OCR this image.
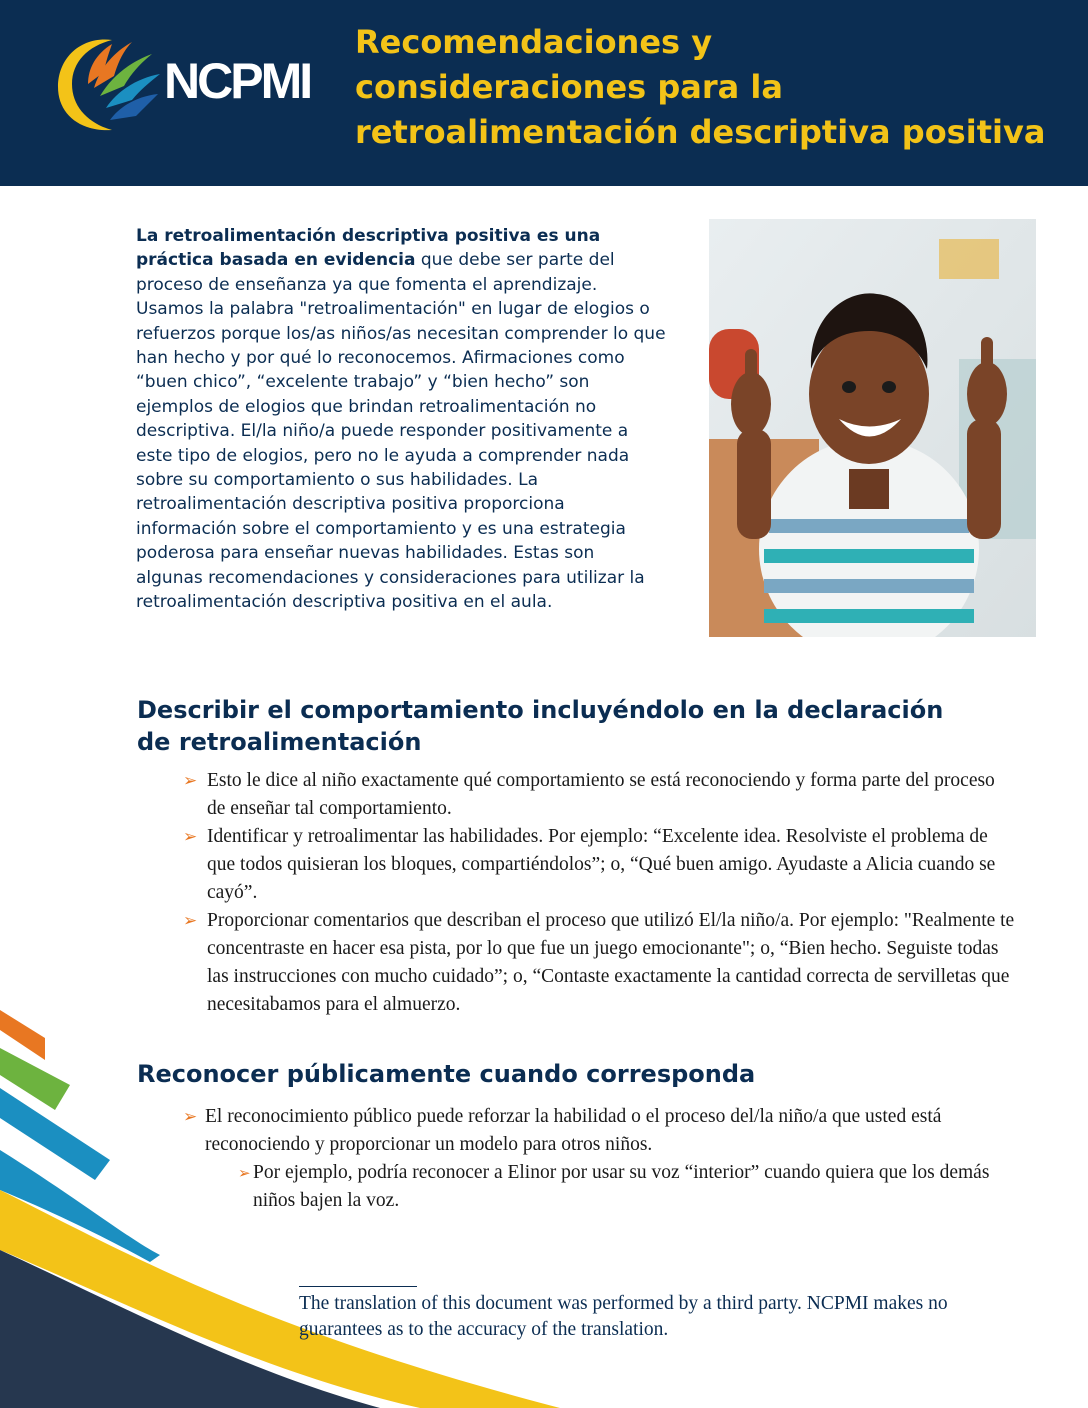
NCPMI
Recomendaciones y
consideraciones para la
retroalimentación descriptiva positiva
La retroalimentación descriptiva positiva es una práctica basada en evidencia que debe ser parte del proceso de enseñanza ya que fomenta el aprendizaje. Usamos la palabra "retroalimentación" en lugar de elogios o refuerzos porque los/as niños/as necesitan comprender lo que han hecho y por qué lo reconocemos. Afirmaciones como “buen chico”, “excelente trabajo” y “bien hecho” son ejemplos de elogios que brindan retroalimentación no descriptiva. El/la niño/a puede responder positivamente a este tipo de elogios, pero no le ayuda a comprender nada sobre su comportamiento o sus habilidades. La retroalimentación descriptiva positiva proporciona información sobre el comportamiento y es una estrategia poderosa para enseñar nuevas habilidades. Estas son algunas recomendaciones y consideraciones para utilizar la retroalimentación descriptiva positiva en el aula.
Describir el comportamiento incluyéndolo en la declaración
de retroalimentación
➢ Esto le dice al niño exactamente qué comportamiento se está reconociendo y forma parte del proceso de enseñar tal comportamiento.
➢ Identificar y retroalimentar las habilidades. Por ejemplo: “Excelente idea. Resolviste el problema de que todos quisieran los bloques, compartiéndolos”; o, “Qué buen amigo. Ayudaste a Alicia cuando se cayó”.
➢ Proporcionar comentarios que describan el proceso que utilizó El/la niño/a. Por ejemplo: "Realmente te concentraste en hacer esa pista, por lo que fue un juego emocionante"; o, “Bien hecho. Seguiste todas las instrucciones con mucho cuidado”; o, “Contaste exactamente la cantidad correcta de servilletas que necesitabamos para el almuerzo.
Reconocer públicamente cuando corresponda
➢ El reconocimiento público puede reforzar la habilidad o el proceso del/la niño/a que usted está reconociendo y proporcionar un modelo para otros niños.
➢ Por ejemplo, podría reconocer a Elinor por usar su voz “interior” cuando quiera que los demás niños bajen la voz.
The translation of this document was performed by a third party. NCPMI makes no guarantees as to the accuracy of the translation.
